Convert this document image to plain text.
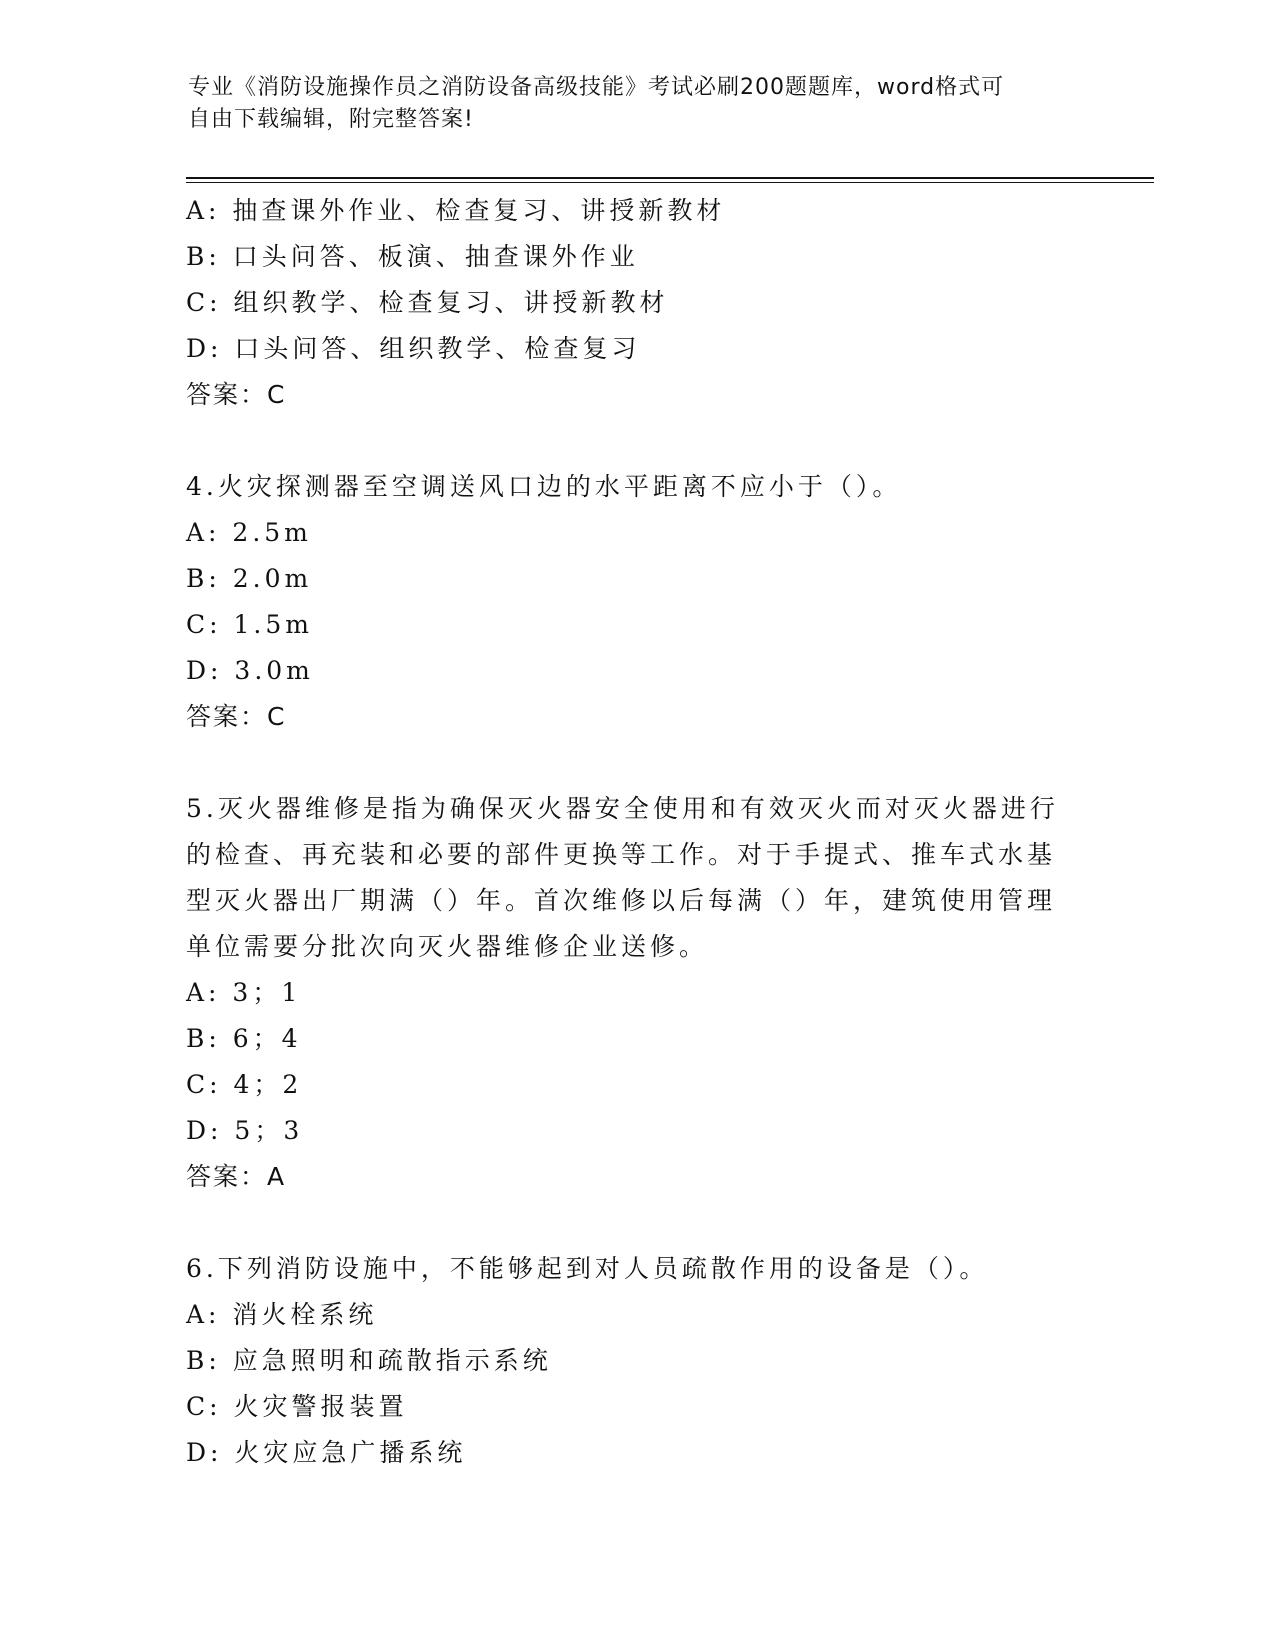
专业《消防设施操作员之消防设备高级技能》考试必刷200题题库，word格式可
自由下载编辑，附完整答案!
A: 抽查课外作业、检查复习、讲授新教材
B: 口头问答、板演、抽查课外作业
C: 组织教学、检查复习、讲授新教材
D: 口头问答、组织教学、检查复习
答案：C
4.火灾探测器至空调送风口边的水平距离不应小于（）。
A: 2.5m
B: 2.0m
C: 1.5m
D: 3.0m
答案：C
5.灭火器维修是指为确保灭火器安全使用和有效灭火而对灭火器进行
的检查、再充装和必要的部件更换等工作。对于手提式、推车式水基
型灭火器出厂期满（）年。首次维修以后每满（）年，建筑使用管理
单位需要分批次向灭火器维修企业送修。
A: 3；1
B: 6；4
C: 4；2
D: 5；3
答案：A
6.下列消防设施中，不能够起到对人员疏散作用的设备是（）。
A: 消火栓系统
B: 应急照明和疏散指示系统
C: 火灾警报装置
D: 火灾应急广播系统
